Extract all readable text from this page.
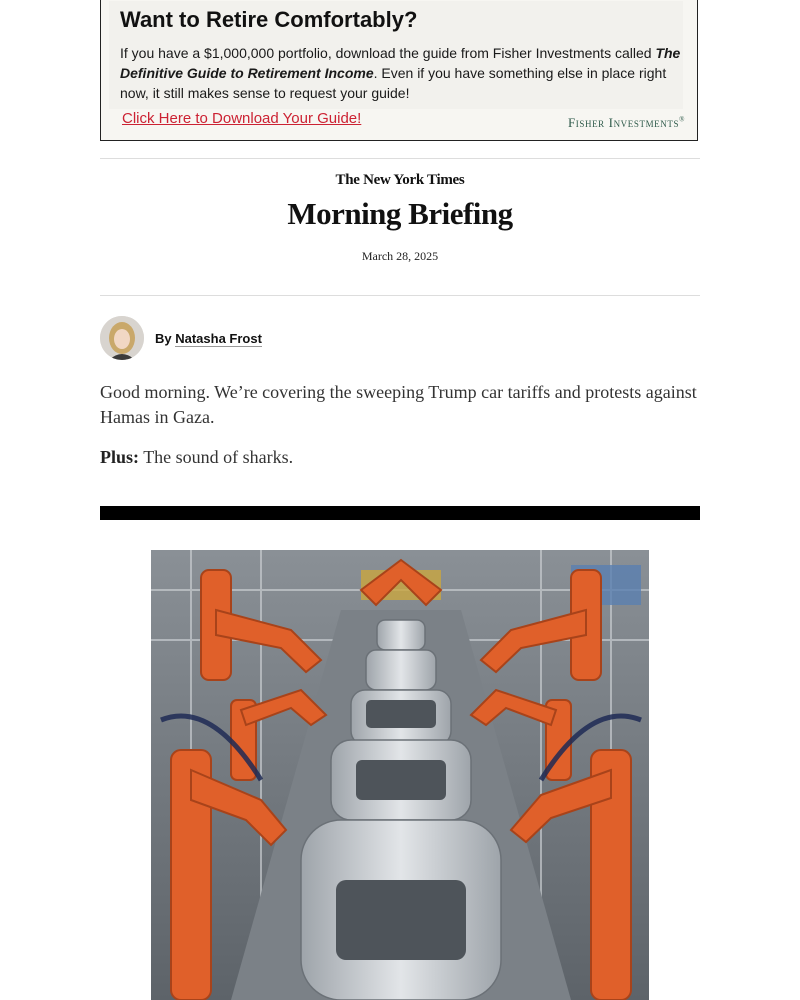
Want to Retire Comfortably?
If you have a $1,000,000 portfolio, download the guide from Fisher Investments called The Definitive Guide to Retirement Income. Even if you have something else in place right now, it still makes sense to request your guide!
Click Here to Download Your Guide!	Fisher Investments®
The New York Times
Morning Briefing
March 28, 2025
By Natasha Frost

Good morning. We’re covering the sweeping Trump car tariffs and protests against Hamas in Gaza.

Plus: The sound of sharks.
